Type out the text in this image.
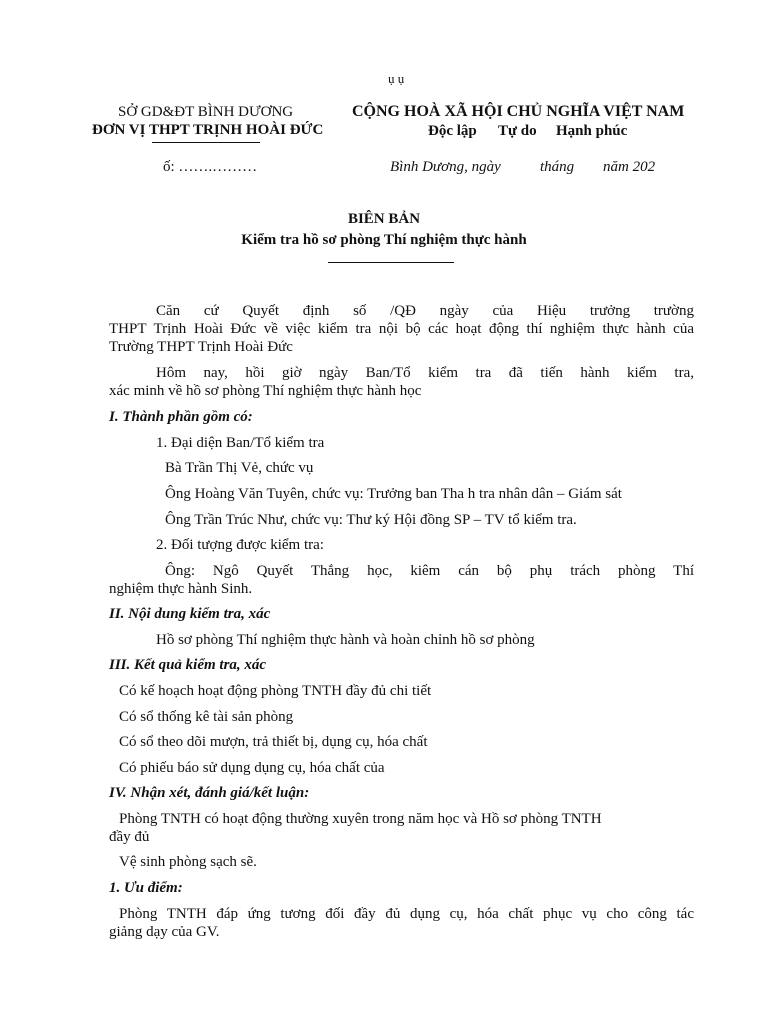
ụ ụ
SỞ GD&ĐT BÌNH DƯƠNG
ĐƠN VỊ THPT TRỊNH HOÀI ĐỨC
ố: …….………
CỘNG HOÀ XÃ HỘI CHỦ NGHĨA VIỆT NAM
Độc lập Tự do Hạnh phúc
Bình Dương, ngày	tháng năm 202
BIÊN BẢN
Kiểm tra hồ sơ phòng Thí nghiệm thực hành
Căn cứ Quyết định số /QĐ ngày của Hiệu trưởng trường
THPT Trịnh Hoài Đức về việc kiểm tra nội bộ các hoạt động thí nghiệm thực hành của
Trường THPT Trịnh Hoài Đức
Hôm nay, hồi giờ ngày Ban/Tổ kiểm tra đã tiến hành kiểm tra,
xác minh về hồ sơ phòng Thí nghiệm thực hành học
I. Thành phần gồm có:
1. Đại diện Ban/Tổ kiểm tra
Bà Trần Thị Vẻ, chức vụ
Ông Hoàng Văn Tuyên, chức vụ: Trưởng ban Tha h tra nhân dân – Giám sát
Ông Trần Trúc Như, chức vụ: Thư ký Hội đồng SP – TV tổ kiểm tra.
2. Đối tượng được kiểm tra:
Ông: Ngô Quyết Thắng học, kiêm cán bộ phụ trách phòng Thí
nghiệm thực hành Sinh.
II. Nội dung kiểm tra, xác
Hồ sơ phòng Thí nghiệm thực hành và hoàn chỉnh hồ sơ phòng
III. Kết quả kiểm tra, xác
Có kế hoạch hoạt động phòng TNTH đầy đủ chi tiết
Có sổ thống kê tài sản phòng
Có sổ theo dõi mượn, trả thiết bị, dụng cụ, hóa chất
Có phiếu báo sử dụng dụng cụ, hóa chất của
IV. Nhận xét, đánh giá/kết luận:
Phòng TNTH có hoạt động thường xuyên trong năm học và Hồ sơ phòng TNTH
đầy đủ
Vệ sinh phòng sạch sẽ.
1. Ưu điểm:
Phòng TNTH đáp ứng tương đối đầy đủ dụng cụ, hóa chất phục vụ cho công tác
giảng dạy của GV.
